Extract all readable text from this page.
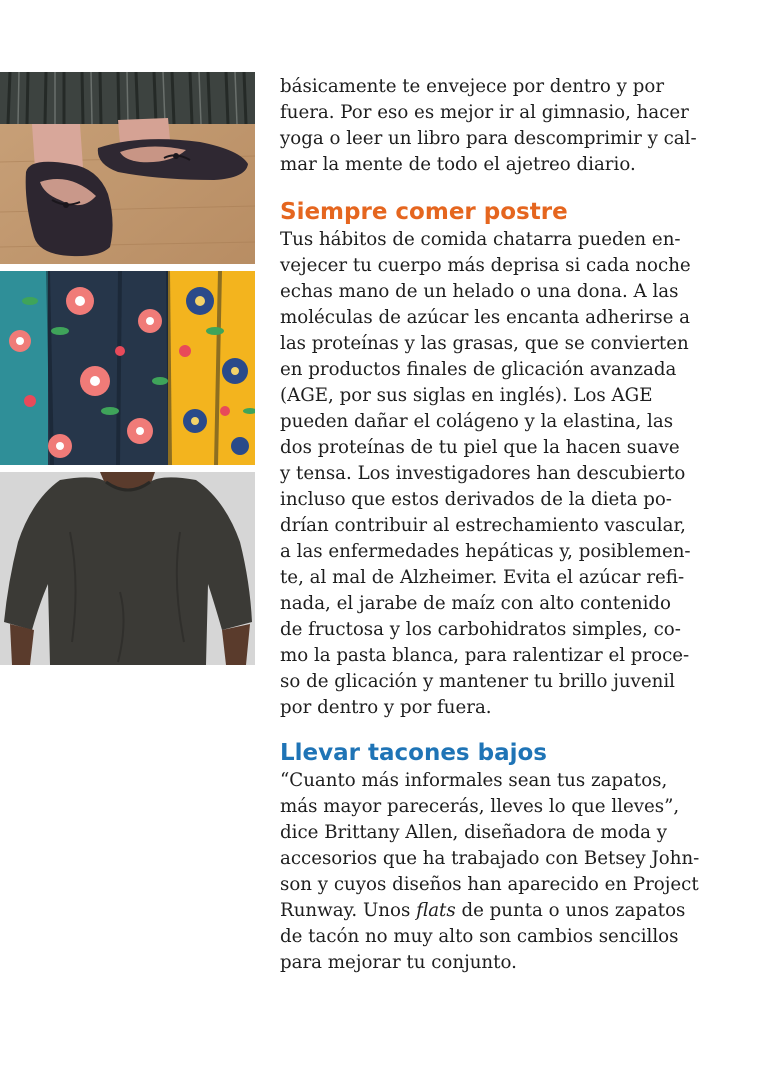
básicamente te envejece por dentro y por
fuera. Por eso es mejor ir al gimnasio, hacer
yoga o leer un libro para descomprimir y cal-
mar la mente de todo el ajetreo diario.

Siempre comer postre

Tus hábitos de comida chatarra pueden en-
vejecer tu cuerpo más deprisa si cada noche
echas mano de un helado o una dona. A las
moléculas de azúcar les encanta adherirse a
las proteínas y las grasas, que se convierten
en productos finales de glicación avanzada
(AGE, por sus siglas en inglés). Los AGE
pueden dañar el colágeno y la elastina, las
dos proteínas de tu piel que la hacen suave
y tensa. Los investigadores han descubierto
incluso que estos derivados de la dieta po-
drían contribuir al estrechamiento vascular,
a las enfermedades hepáticas y, posiblemen-
te, al mal de Alzheimer. Evita el azúcar refi-
nada, el jarabe de maíz con alto contenido
de fructosa y los carbohidratos simples, co-
mo la pasta blanca, para ralentizar el proce-
so de glicación y mantener tu brillo juvenil
por dentro y por fuera.

Llevar tacones bajos

“Cuanto más informales sean tus zapatos,
más mayor parecerás, lleves lo que lleves”,
dice Brittany Allen, diseñadora de moda y
accesorios que ha trabajado con Betsey John-
son y cuyos diseños han aparecido en Project
Runway. Unos flats de punta o unos zapatos
de tacón no muy alto son cambios sencillos
para mejorar tu conjunto.
